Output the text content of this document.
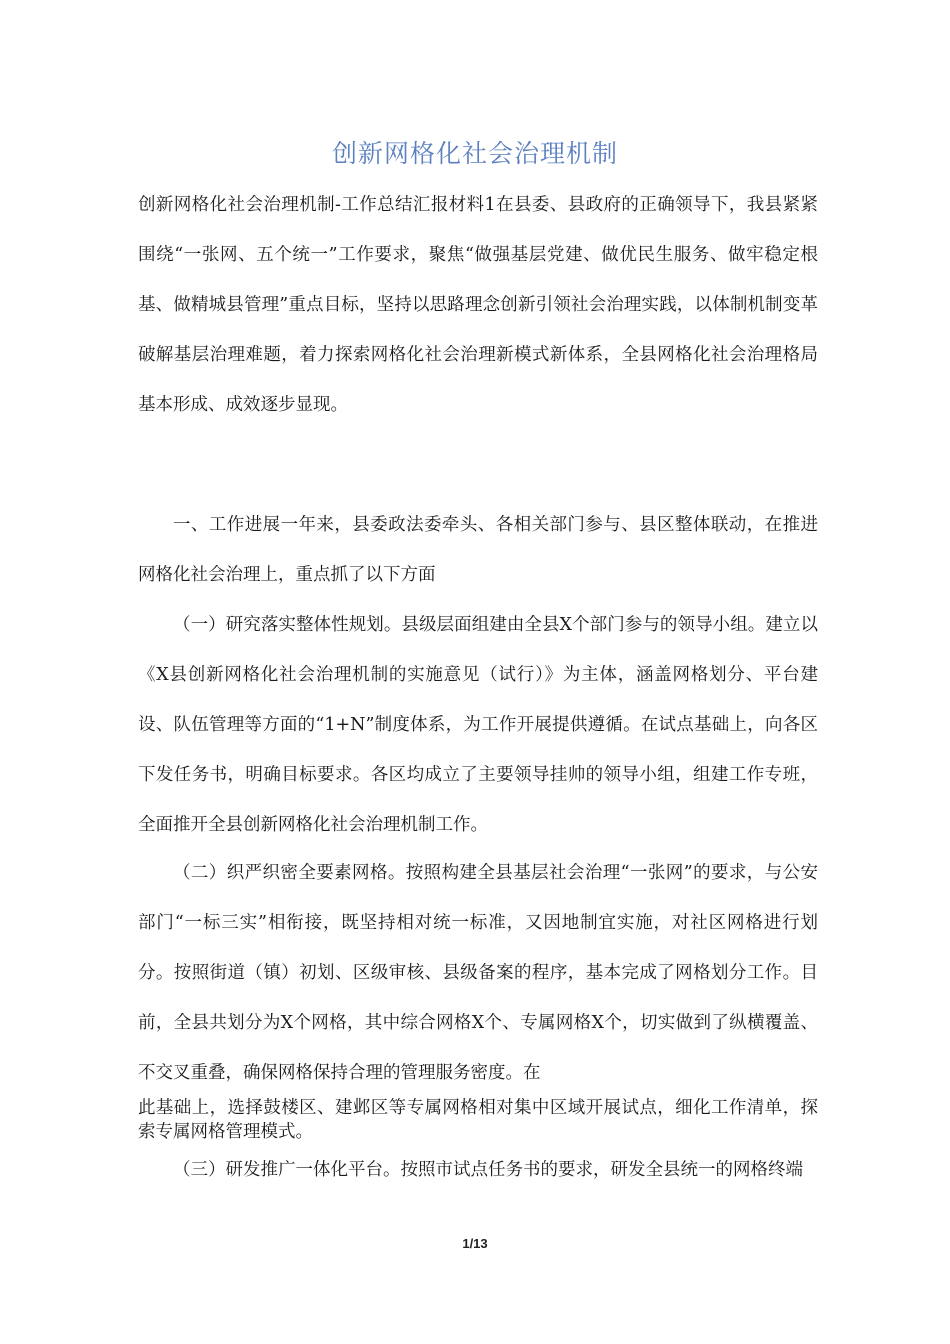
创新网格化社会治理机制

创新网格化社会治理机制-工作总结汇报材料1在县委、县政府的正确领导下，我县紧紧围绕“一张网、五个统一”工作要求，聚焦“做强基层党建、做优民生服务、做牢稳定根基、做精城县管理”重点目标，坚持以思路理念创新引领社会治理实践，以体制机制变革破解基层治理难题，着力探索网格化社会治理新模式新体系，全县网格化社会治理格局基本形成、成效逐步显现。

一、工作进展一年来，县委政法委牵头、各相关部门参与、县区整体联动，在推进网格化社会治理上，重点抓了以下方面

（一）研究落实整体性规划。县级层面组建由全县X个部门参与的领导小组。建立以《X县创新网格化社会治理机制的实施意见（试行）》为主体，涵盖网格划分、平台建设、队伍管理等方面的“1+N”制度体系，为工作开展提供遵循。在试点基础上，向各区下发任务书，明确目标要求。各区均成立了主要领导挂帅的领导小组，组建工作专班，全面推开全县创新网格化社会治理机制工作。

（二）织严织密全要素网格。按照构建全县基层社会治理“一张网”的要求，与公安部门“一标三实”相衔接，既坚持相对统一标准，又因地制宜实施，对社区网格进行划分。按照街道（镇）初划、区级审核、县级备案的程序，基本完成了网格划分工作。目前，全县共划分为X个网格，其中综合网格X个、专属网格X个，切实做到了纵横覆盖、不交叉重叠，确保网格保持合理的管理服务密度。在

此基础上，选择鼓楼区、建邺区等专属网格相对集中区域开展试点，细化工作清单，探索专属网格管理模式。

（三）研发推广一体化平台。按照市试点任务书的要求，研发全县统一的网格终端

1/13
